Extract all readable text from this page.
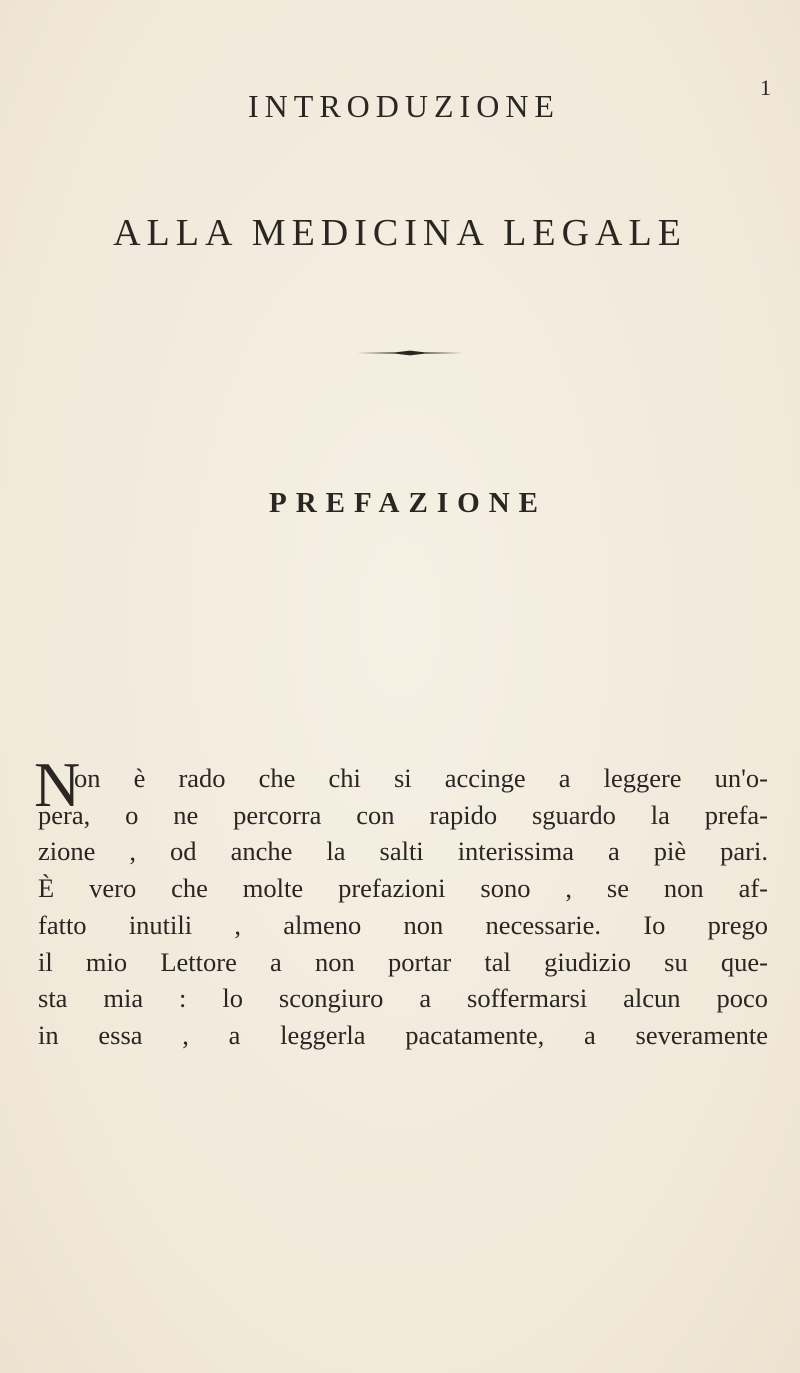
1
INTRODUZIONE
ALLA MEDICINA LEGALE
PREFAZIONE
N
on è rado che chi si accinge a leggere un'o-
pera, o ne percorra con rapido sguardo la prefa-
zione , od anche la salti interissima a piè pari.
È vero che molte prefazioni sono , se non af-
fatto inutili , almeno non necessarie. Io prego
il mio Lettore a non portar tal giudizio su que-
sta mia : lo scongiuro a soffermarsi alcun poco
in essa , a leggerla pacatamente, a severamente
